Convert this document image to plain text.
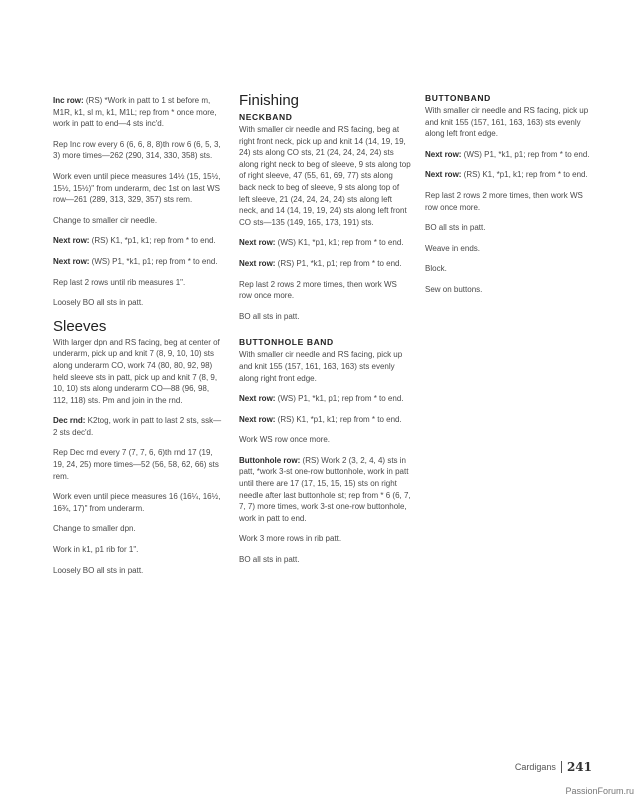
Inc row: (RS) *Work in patt to 1 st before m, M1R, k1, sl m, k1, M1L; rep from * once more, work in patt to end—4 sts inc'd.

Rep Inc row every 6 (6, 6, 8, 8)th row 6 (6, 5, 3, 3) more times—262 (290, 314, 330, 358) sts.

Work even until piece measures 14½ (15, 15½, 15½, 15½)" from underarm, dec 1st on last WS row—261 (289, 313, 329, 357) sts rem.

Change to smaller cir needle.

Next row: (RS) K1, *p1, k1; rep from * to end.

Next row: (WS) P1, *k1, p1; rep from * to end.

Rep last 2 rows until rib measures 1".

Loosely BO all sts in patt.

Sleeves

With larger dpn and RS facing, beg at center of underarm, pick up and knit 7 (8, 9, 10, 10) sts along underarm CO, work 74 (80, 80, 92, 98) held sleeve sts in patt, pick up and knit 7 (8, 9, 10, 10) sts along underarm CO—88 (96, 98, 112, 118) sts. Pm and join in the rnd.

Dec rnd: K2tog, work in patt to last 2 sts, ssk—2 sts dec'd.

Rep Dec rnd every 7 (7, 7, 6, 6)th rnd 17 (19, 19, 24, 25) more times—52 (56, 58, 62, 66) sts rem.

Work even until piece measures 16 (16¼, 16½, 16¾, 17)" from underarm.

Change to smaller dpn.

Work in k1, p1 rib for 1".

Loosely BO all sts in patt.

Finishing
NECKBAND

With smaller cir needle and RS facing, beg at right front neck, pick up and knit 14 (14, 19, 19, 24) sts along CO sts, 21 (24, 24, 24, 24) sts along right neck to beg of sleeve, 9 sts along top of right sleeve, 47 (55, 61, 69, 77) sts along back neck to beg of sleeve, 9 sts along top of left sleeve, 21 (24, 24, 24, 24) sts along left neck, and 14 (14, 19, 19, 24) sts along left front CO sts—135 (149, 165, 173, 191) sts.

Next row: (WS) K1, *p1, k1; rep from * to end.

Next row: (RS) P1, *k1, p1; rep from * to end.

Rep last 2 rows 2 more times, then work WS row once more.

BO all sts in patt.

BUTTONHOLE BAND

With smaller cir needle and RS facing, pick up and knit 155 (157, 161, 163, 163) sts evenly along right front edge.

Next row: (WS) P1, *k1, p1; rep from * to end.

Next row: (RS) K1, *p1, k1; rep from * to end.

Work WS row once more.

Buttonhole row: (RS) Work 2 (3, 2, 4, 4) sts in patt, *work 3-st one-row buttonhole, work in patt until there are 17 (17, 15, 15, 15) sts on right needle after last buttonhole st; rep from * 6 (6, 7, 7, 7) more times, work 3-st one-row buttonhole, work in patt to end.

Work 3 more rows in rib patt.

BO all sts in patt.

BUTTONBAND

With smaller cir needle and RS facing, pick up and knit 155 (157, 161, 163, 163) sts evenly along left front edge.

Next row: (WS) P1, *k1, p1; rep from * to end.

Next row: (RS) K1, *p1, k1; rep from * to end.

Rep last 2 rows 2 more times, then work WS row once more.

BO all sts in patt.

Weave in ends.

Block.

Sew on buttons.

Cardigans 241
PassionForum.ru
